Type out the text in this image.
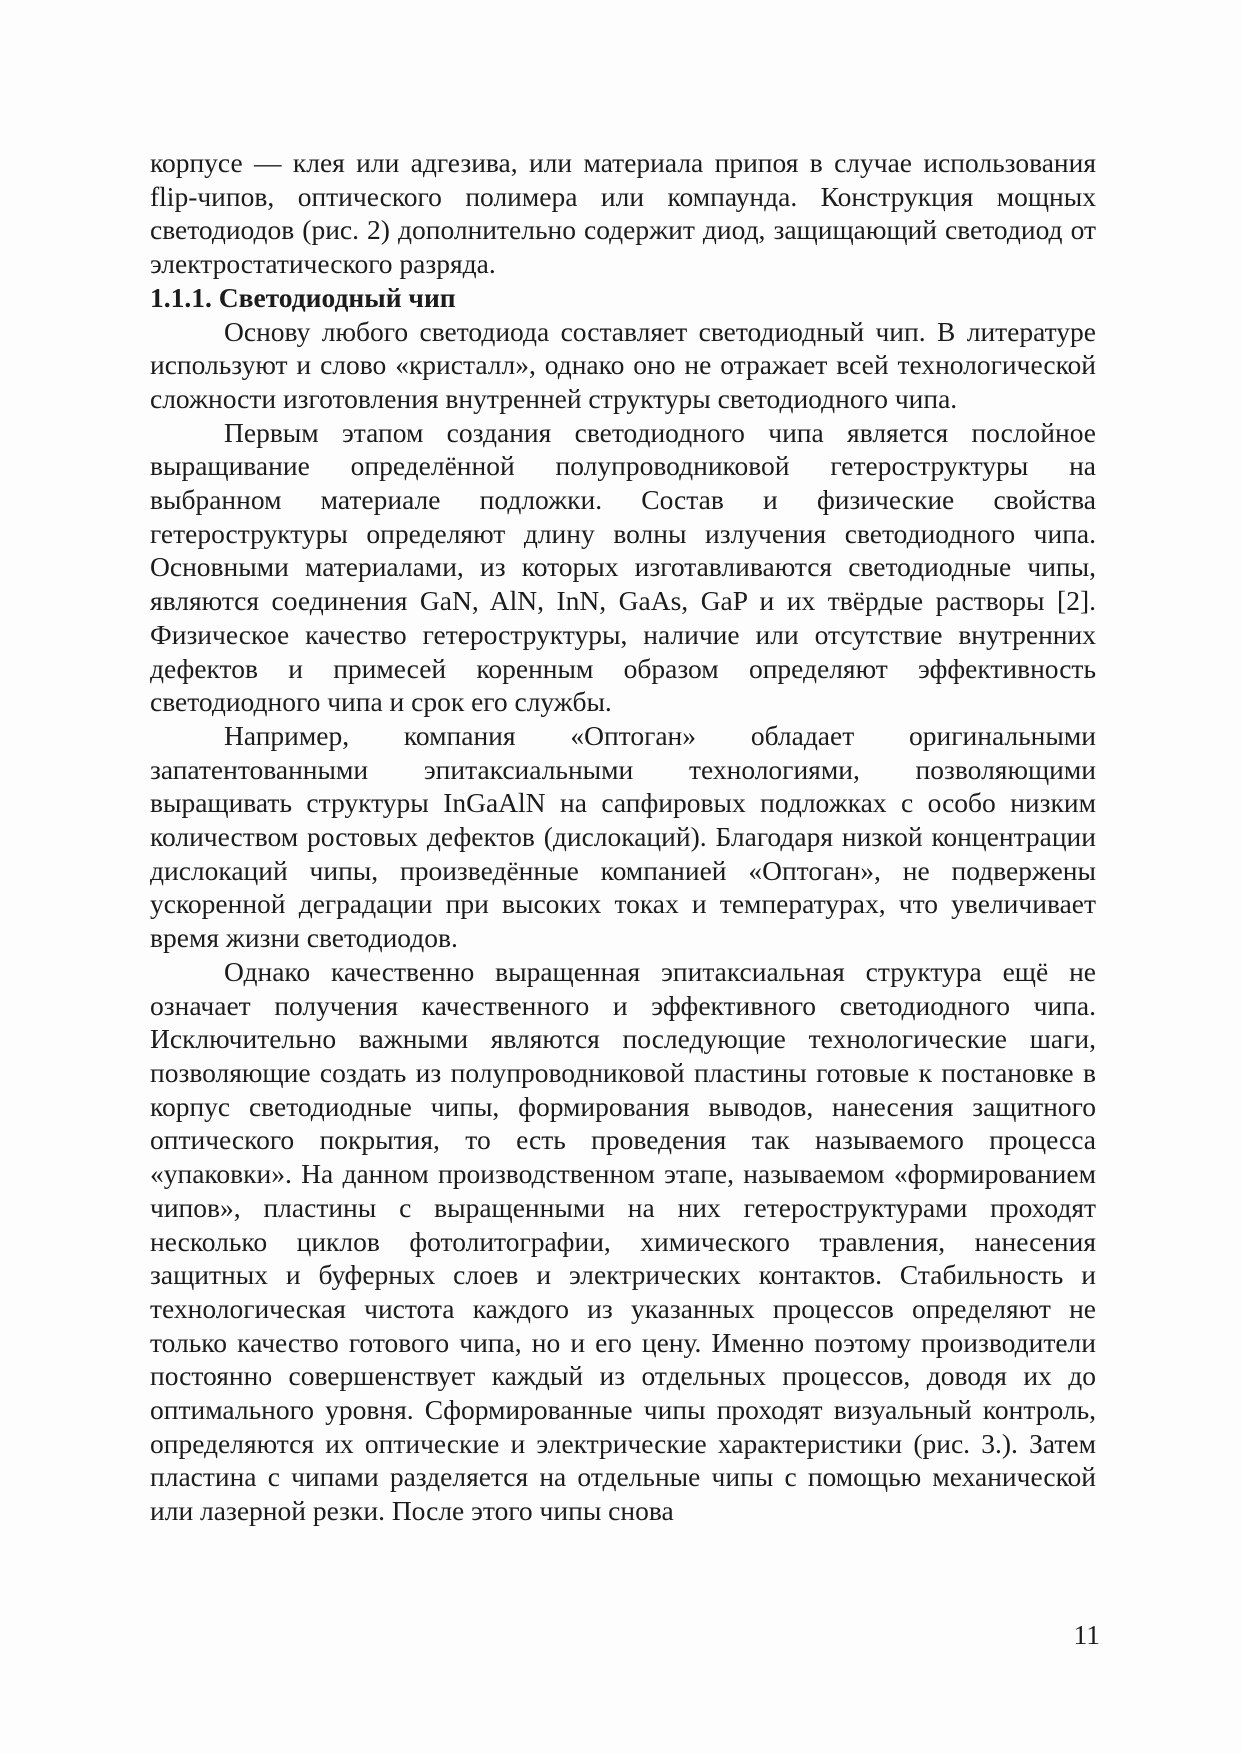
корпусе — клея или адгезива, или материала припоя в случае использования flip-чипов, оптического полимера или компаунда. Конструкция мощных светодиодов (рис. 2) дополнительно содержит диод, защищающий светодиод от электростатического разряда.

1.1.1. Светодиодный чип

Основу любого светодиода составляет светодиодный чип. В литературе используют и слово «кристалл», однако оно не отражает всей технологической сложности изготовления внутренней структуры светодиодного чипа.

Первым этапом создания светодиодного чипа является послойное выращивание определённой полупроводниковой гетероструктуры на выбранном материале подложки. Состав и физические свойства гетероструктуры определяют длину волны излучения светодиодного чипа. Основными материалами, из которых изготавливаются светодиодные чипы, являются соединения GaN, AlN, InN, GaAs, GaP и их твёрдые растворы [2]. Физическое качество гетероструктуры, наличие или отсутствие внутренних дефектов и примесей коренным образом определяют эффективность светодиодного чипа и срок его службы.

Например, компания «Оптоган» обладает оригинальными запатентованными эпитаксиальными технологиями, позволяющими выращивать структуры InGaAlN на сапфировых подложках с особо низким количеством ростовых дефектов (дислокаций). Благодаря низкой концентрации дислокаций чипы, произведённые компанией «Оптоган», не подвержены ускоренной деградации при высоких токах и температурах, что увеличивает время жизни светодиодов.

Однако качественно выращенная эпитаксиальная структура ещё не означает получения качественного и эффективного светодиодного чипа. Исключительно важными являются последующие технологические шаги, позволяющие создать из полупроводниковой пластины готовые к постановке в корпус светодиодные чипы, формирования выводов, нанесения защитного оптического покрытия, то есть проведения так называемого процесса «упаковки». На данном производственном этапе, называемом «формированием чипов», пластины с выращенными на них гетероструктурами проходят несколько циклов фотолитографии, химического травления, нанесения защитных и буферных слоев и электрических контактов. Стабильность и технологическая чистота каждого из указанных процессов определяют не только качество готового чипа, но и его цену. Именно поэтому производители постоянно совершенствует каждый из отдельных процессов, доводя их до оптимального уровня. Сформированные чипы проходят визуальный контроль, определяются их оптические и электрические характеристики (рис. 3.). Затем пластина с чипами разделяется на отдельные чипы с помощью механической или лазерной резки. После этого чипы снова

11
